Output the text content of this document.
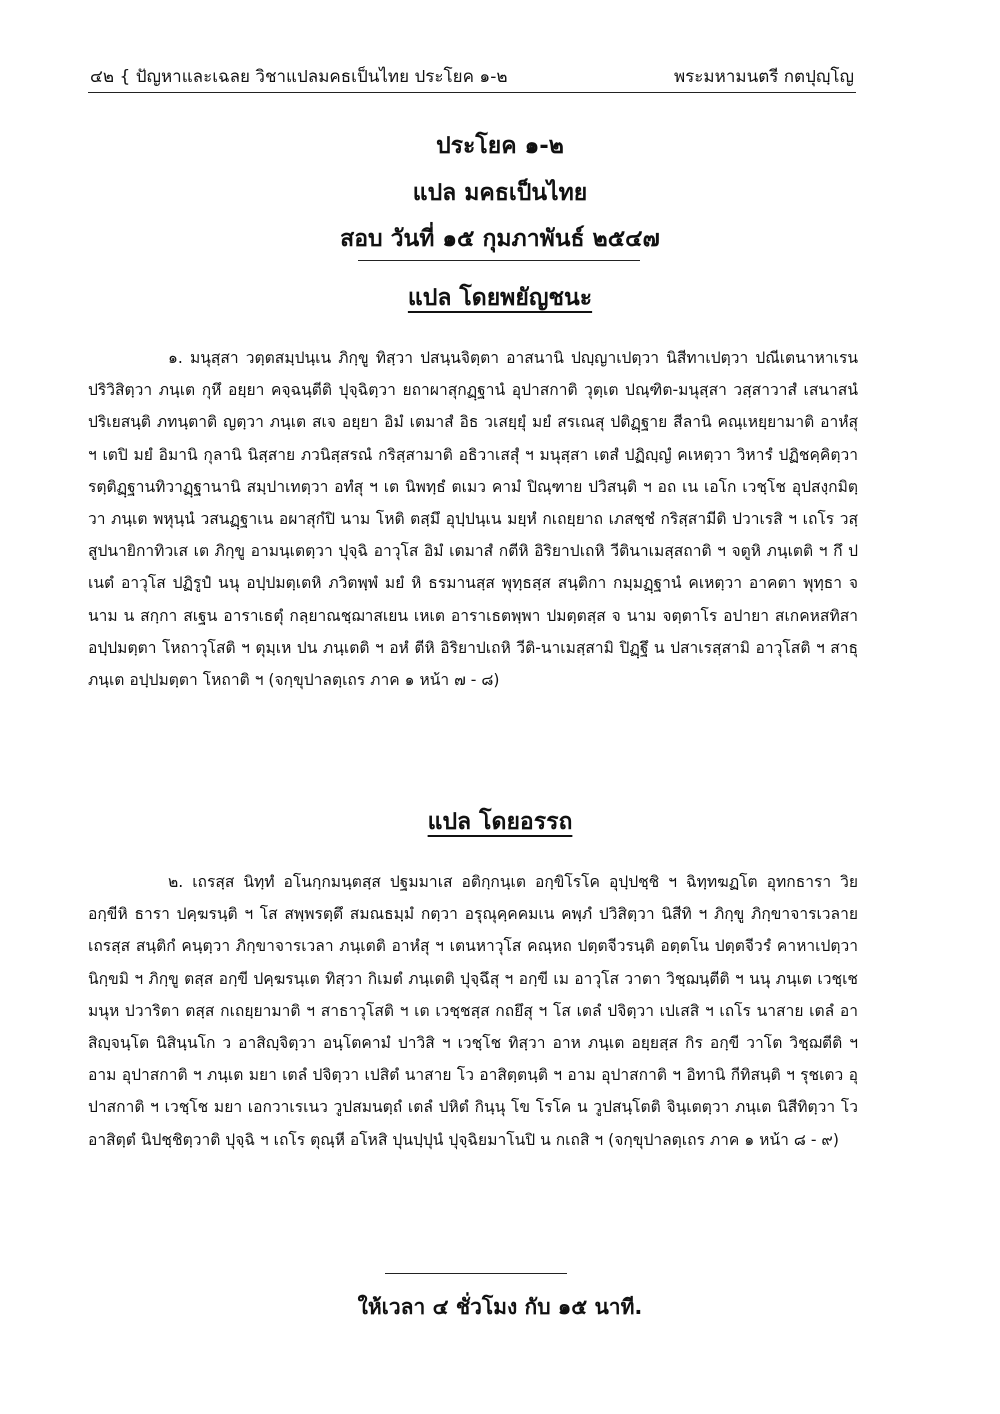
๔๒ { ปัญหาและเฉลย วิชาแปลมคธเป็นไทย ประโยค ๑-๒	พระมหามนตรี กตปุญฺโญ
ประโยค ๑-๒
แปล มคธเป็นไทย
สอบ วันที่ ๑๕ กุมภาพันธ์ ๒๕๔๗
แปล โดยพยัญชนะ

๑. มนุสฺสา วตฺตสมฺปนฺเน ภิกฺขู ทิสฺวา ปสนฺนจิตฺตา อาสนานิ ปญฺญาเปตฺวา นิสีทาเปตฺวา ปณีเตนาหาเรน ปริวิสิตฺวา ภนฺเต กุหึ อยฺยา คจฺฉนฺตีติ ปุจฺฉิตฺวา ยถาผาสุกฏฺฐานํ อุปาสกาติ วุตฺเต ปณฺฑิต-มนุสฺสา วสฺสาวาสํ เสนาสนํ ปริเยสนฺติ ภทนฺตาติ ญตฺวา ภนฺเต สเจ อยฺยา อิมํ เตมาสํ อิธ วเสยฺยุํ มยํ สรเณสุ ปติฏฺฐาย สีลานิ คณฺเหยฺยามาติ อาหํสุ ฯ เตปิ มยํ อิมานิ กุลานิ นิสฺสาย ภวนิสฺสรณํ กริสฺสามาติ อธิวาเสสุํ ฯ มนุสฺสา เตสํ ปฏิญฺญํ คเหตฺวา วิหารํ ปฏิชคฺคิตฺวา รตฺติฏฺฐานทิวาฏฺฐานานิ สมฺปาเทตฺวา อทํสุ ฯ เต นิพทฺธํ ตเมว คามํ ปิณฺฑาย ปวิสนฺติ ฯ อถ เน เอโก เวชฺโช อุปสงฺกมิตฺวา ภนฺเต พหุนฺนํ วสนฏฺฐาเน อผาสุกํปิ นาม โหติ ตสฺมึ อุปฺปนฺเน มยฺหํ กเถยฺยาถ เภสชฺชํ กริสฺสามีติ ปวาเรสิ ฯ เถโร วสฺสูปนายิกาทิวเส เต ภิกฺขู อามนฺเตตฺวา ปุจฺฉิ อาวุโส อิมํ เตมาสํ กตีหิ อิริยาปเถหิ วีตินาเมสฺสถาติ ฯ จตูหิ ภนฺเตติ ฯ กึ ปเนตํ อาวุโส ปฏิรูปํ นนุ อปฺปมตฺเตหิ ภวิตพฺพํ มยํ หิ ธรมานสฺส พุทฺธสฺส สนฺติกา กมฺมฏฺฐานํ คเหตฺวา อาคตา พุทฺธา จ นาม น สกฺกา สเฐน อาราเธตุํ กลฺยาณชฺฌาสเยน เหเต อาราเธตพฺพา ปมตฺตสฺส จ นาม จตฺตาโร อปายา สเกคหสทิสา อปฺปมตฺตา โหถาวุโสติ ฯ ตุมฺเห ปน ภนฺเตติ ฯ อหํ ตีหิ อิริยาปเถหิ วีติ-นาเมสฺสามิ ปิฏฺฐึ น ปสาเรสฺสามิ อาวุโสติ ฯ สาธุ ภนฺเต อปฺปมตฺตา โหถาติ ฯ (จกฺขุปาลตฺเถร ภาค ๑ หน้า ๗ - ๘)

แปล โดยอรรถ

๒. เถรสฺส นิทฺทํ อโนกฺกมนฺตสฺส ปฐมมาเส อติกฺกนฺเต อกฺขิโรโค อุปฺปชฺชิ ฯ ฉิทฺทฆฏโต อุทกธารา วิย อกฺขีหิ ธารา ปคฺฆรนฺติ ฯ โส สพฺพรตฺตึ สมณธมฺมํ กตฺวา อรุณุคฺคคมเน คพฺภํ ปวิสิตฺวา นิสีทิ ฯ ภิกฺขู ภิกฺขาจารเวลาย เถรสฺส สนฺติกํ คนฺตฺวา ภิกฺขาจารเวลา ภนฺเตติ อาหํสุ ฯ เตนหาวุโส คณฺหถ ปตฺตจีวรนฺติ อตฺตโน ปตฺตจีวรํ คาหาเปตฺวา นิกฺขมิ ฯ ภิกฺขู ตสฺส อกฺขี ปคฺฆรนฺเต ทิสฺวา กิเมตํ ภนฺเตติ ปุจฺฉึสุ ฯ อกฺขี เม อาวุโส วาตา วิชฺฌนฺตีติ ฯ นนุ ภนฺเต เวชฺเชมนุห ปวาริตา ตสฺส กเถยฺยามาติ ฯ สาธาวุโสติ ฯ เต เวชฺชสฺส กถยึสุ ฯ โส เตลํ ปจิตฺวา เปเสสิ ฯ เถโร นาสาย เตลํ อาสิญฺจนฺโต นิสินฺนโก ว อาสิญฺจิตฺวา อนฺโตคามํ ปาวิสิ ฯ เวชฺโช ทิสฺวา อาห ภนฺเต อยฺยสฺส กิร อกฺขี วาโต วิชฺฌตีติ ฯ อาม อุปาสกาติ ฯ ภนฺเต มยา เตลํ ปจิตฺวา เปสิตํ นาสาย โว อาสิตฺตนฺติ ฯ อาม อุปาสกาติ ฯ อิทานิ กีทิสนฺติ ฯ รุชเตว อุปาสกาติ ฯ เวชฺโช มยา เอกวาเรเนว วูปสมนตฺถํ เตลํ ปหิตํ กินฺนุ โข โรโค น วูปสนฺโตติ จินฺเตตฺวา ภนฺเต นิสีทิตฺวา โว อาสิตฺตํ นิปชฺชิตฺวาติ ปุจฺฉิ ฯ เถโร ตุณฺหี อโหสิ ปุนปฺปุนํ ปุจฺฉิยมาโนปิ น กเถสิ ฯ (จกฺขุปาลตฺเถร ภาค ๑ หน้า ๘ - ๙)

ให้เวลา ๔ ชั่วโมง กับ ๑๕ นาที.
